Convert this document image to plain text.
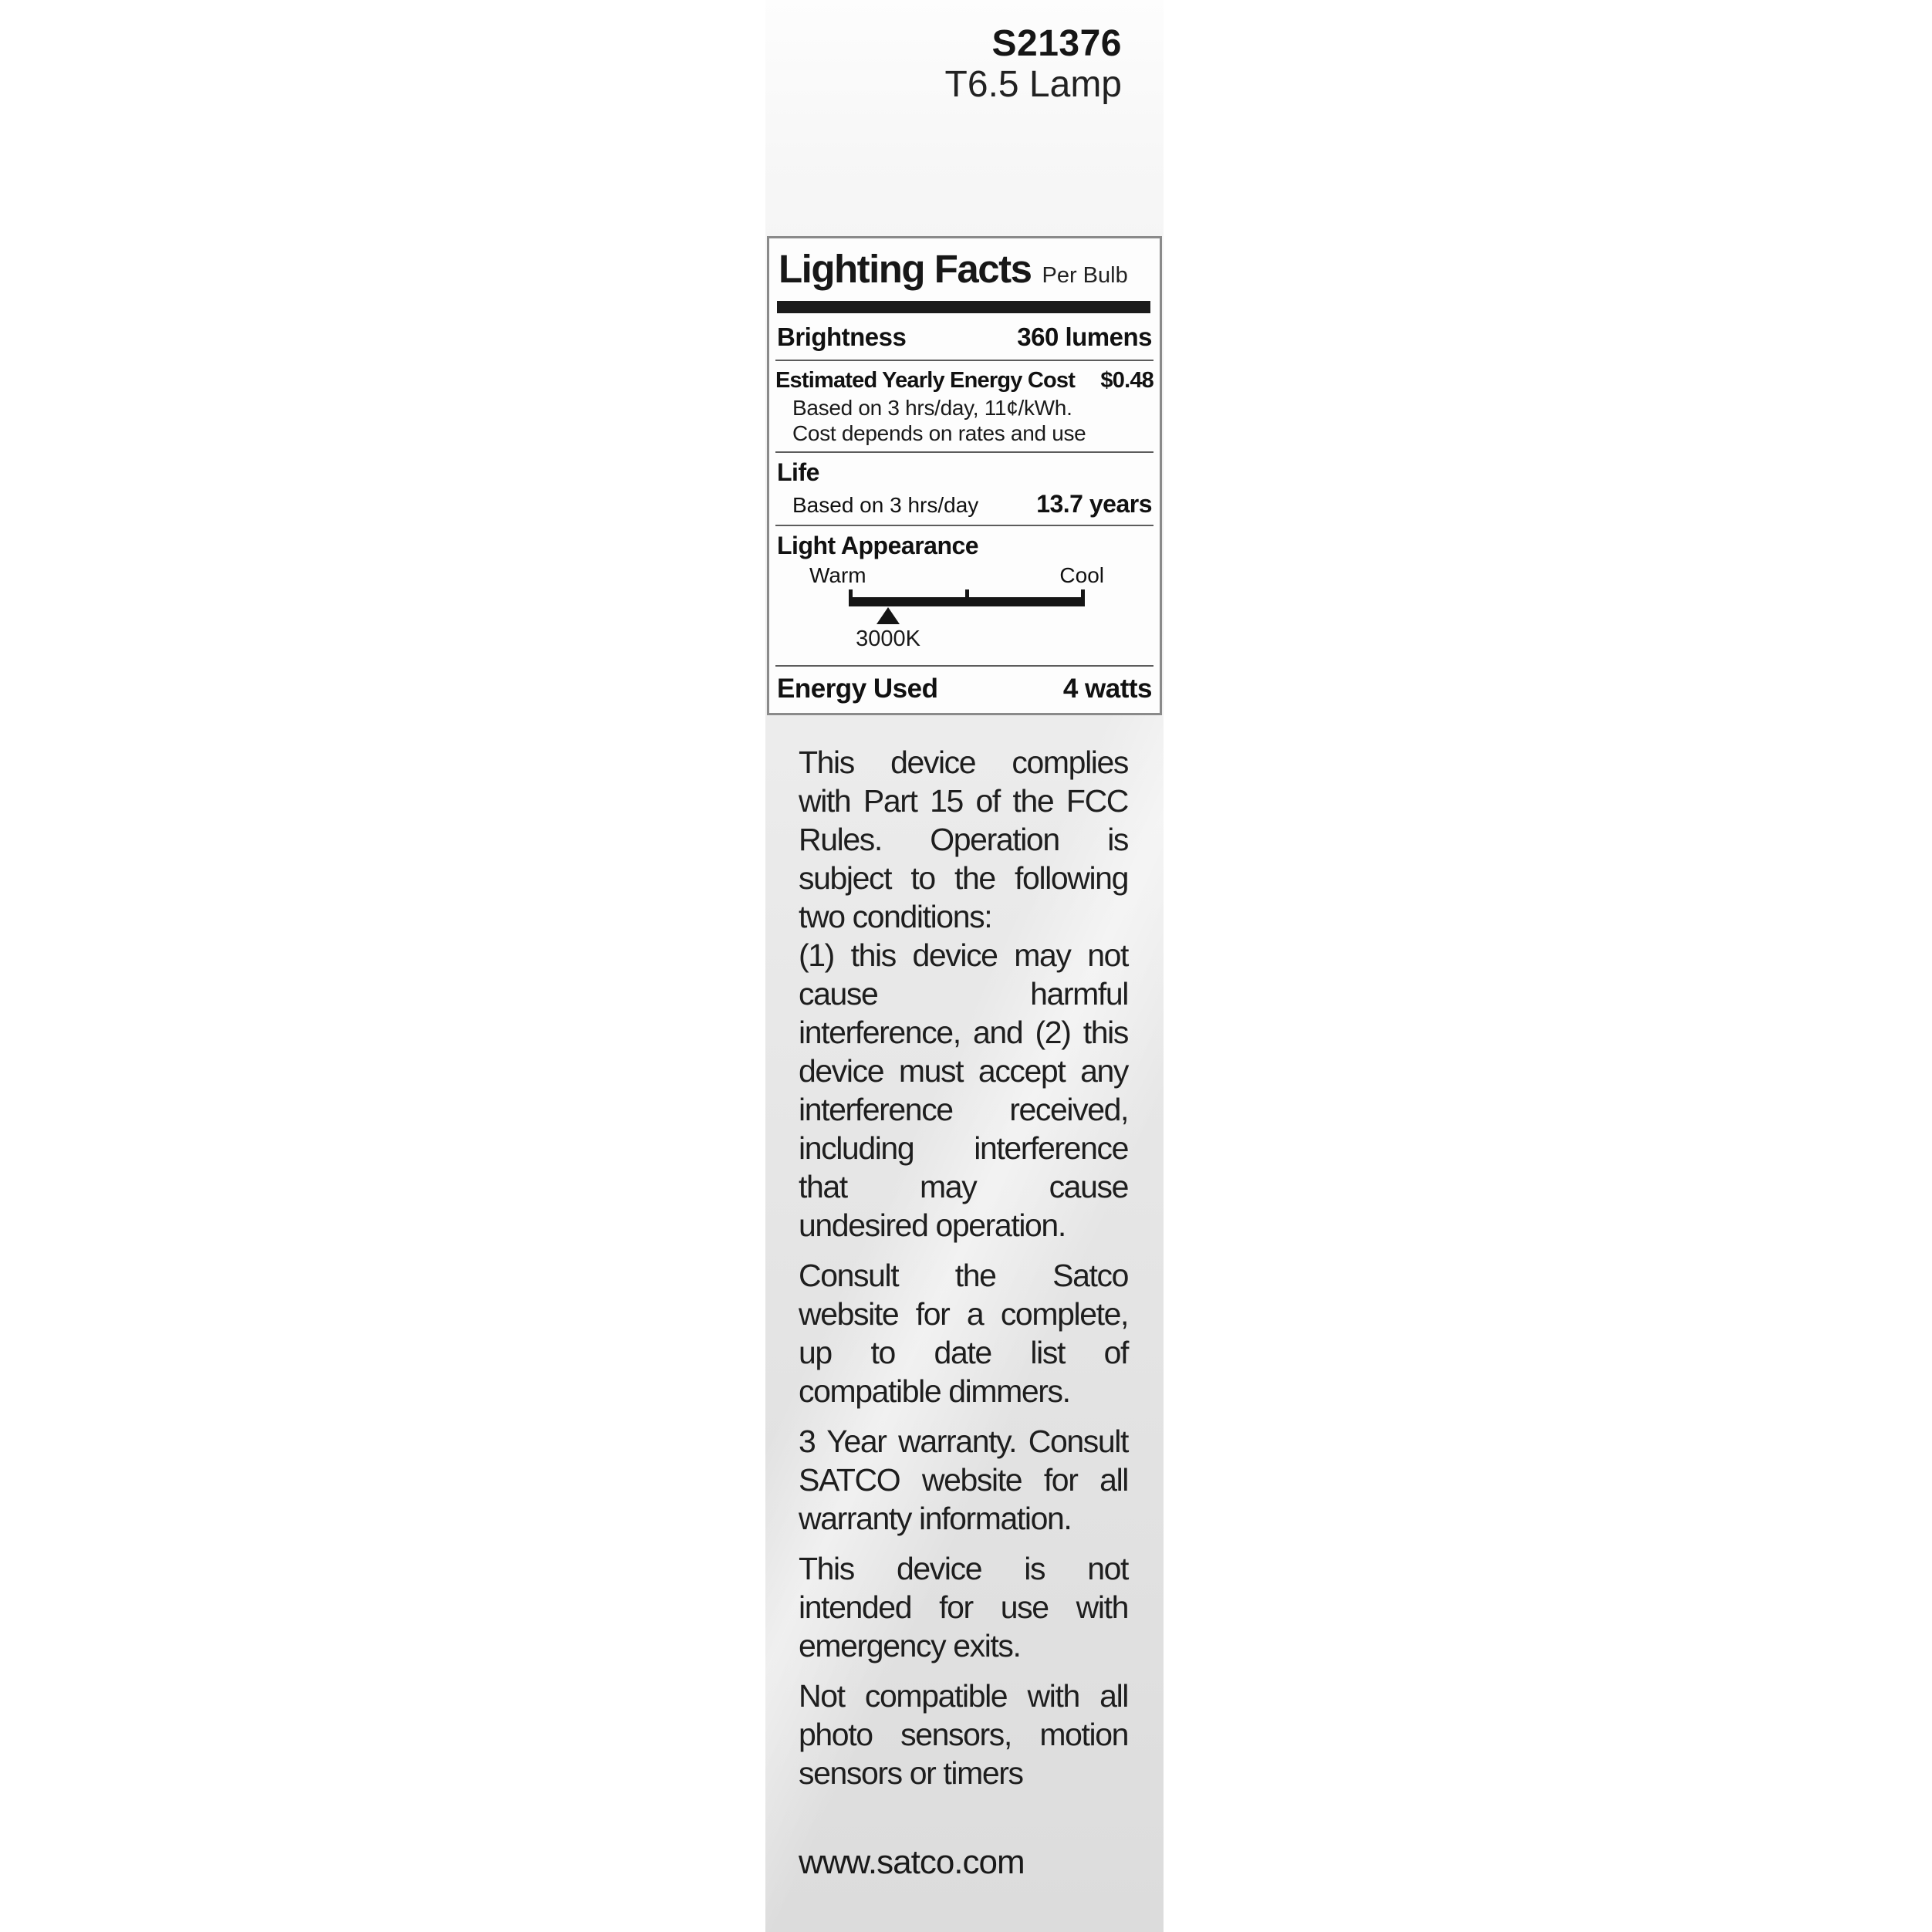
S21376
T6.5 Lamp
Lighting Facts Per Bulb
Brightness	360 lumens
Estimated Yearly Energy Cost $0.48
Based on 3 hrs/day, 11¢/kWh.
Cost depends on rates and use
Life
Based on 3 hrs/day 13.7 years
Light Appearance
Warm	Cool
3000K
Energy Used	4 watts

This device complies with Part 15 of the FCC Rules. Operation is subject to the following two conditions:

(1) this device may not cause harmful interference, and (2) this device must accept any interference received, including interference that may cause undesired operation.

Consult the Satco website for a complete, up to date list of compatible dimmers.

3 Year warranty. Consult SATCO website for all warranty information.

This device is not intended for use with emergency exits.

Not compatible with all photo sensors, motion sensors or timers

www.satco.com
